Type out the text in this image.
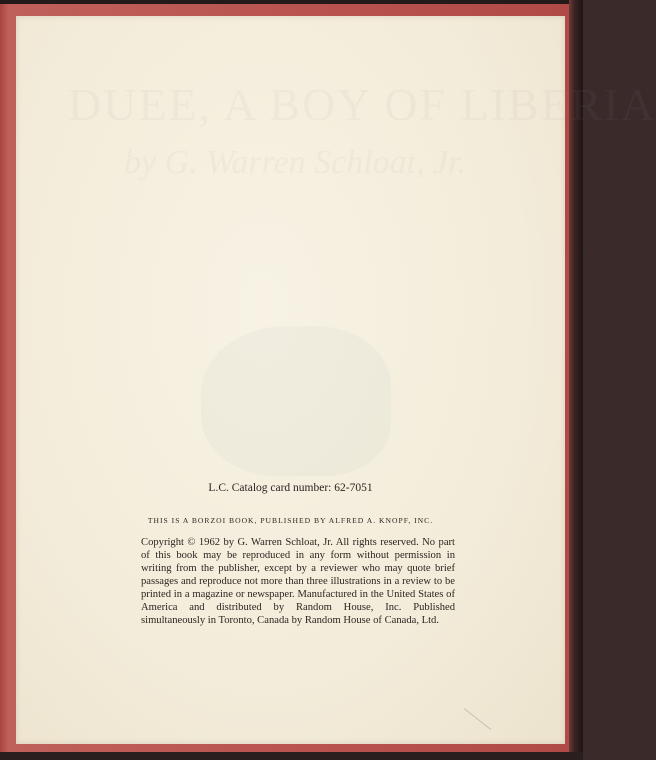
DUEE, A BOY OF LIBERIA
by G. Warren Schloat, Jr.
L.C. Catalog card number: 62-7051
THIS IS A BORZOI BOOK, PUBLISHED BY ALFRED A. KNOPF, INC.
Copyright © 1962 by G. Warren Schloat, Jr. All rights reserved. No part of this book may be reproduced in any form without permission in writing from the publisher, except by a reviewer who may quote brief passages and reproduce not more than three illustrations in a review to be printed in a magazine or newspaper. Manufactured in the United States of America and distributed by Random House, Inc. Published simultaneously in Toronto, Canada by Random House of Canada, Ltd.
